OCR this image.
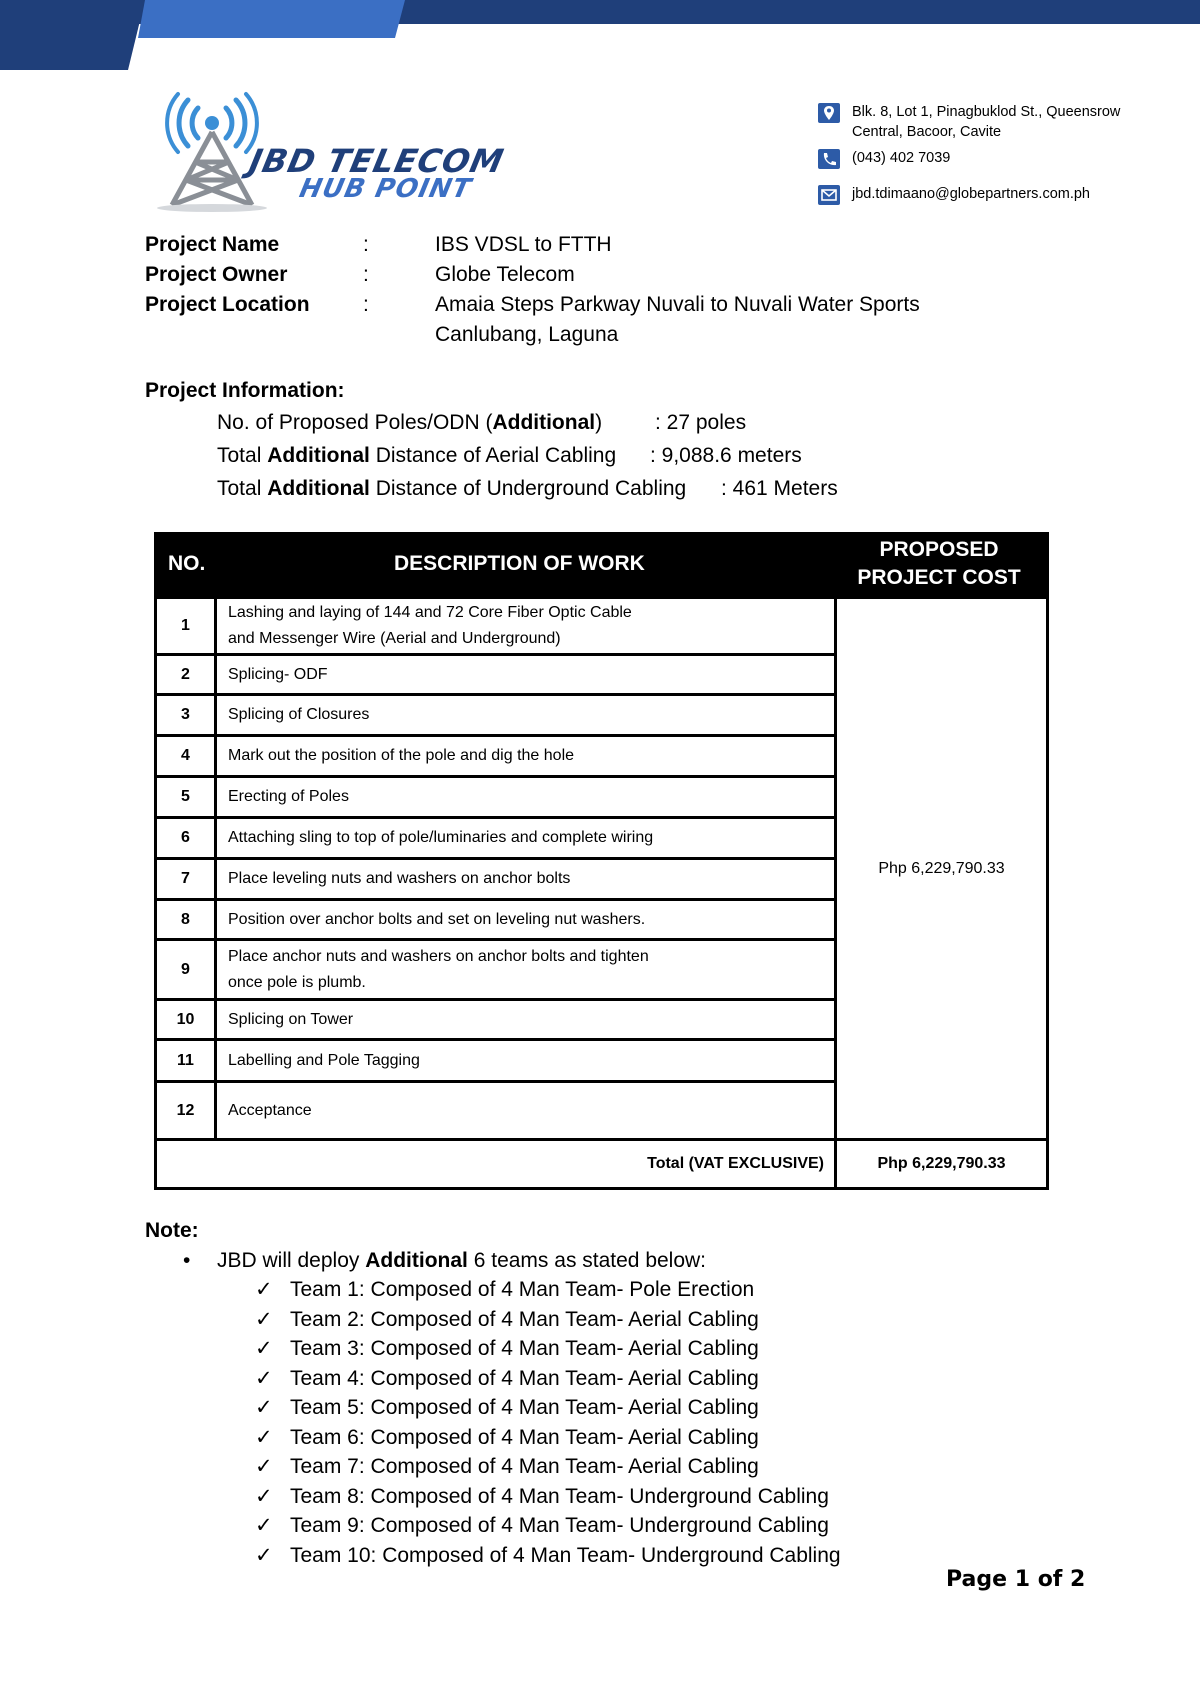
JBD TELECOM
HUB POINT
Blk. 8, Lot 1, Pinagbuklod St., Queensrow Central, Bacoor, Cavite
(043) 402 7039
jbd.tdimaano@globepartners.com.ph
Project Name	:	IBS VDSL to FTTH
Project Owner	:	Globe Telecom
Project Location	:	Amaia Steps Parkway Nuvali to Nuvali Water Sports
Canlubang, Laguna
Project Information:
No. of Proposed Poles/ODN (Additional)	: 27 poles
Total Additional Distance of Aerial Cabling : 9,088.6 meters
Total Additional Distance of Underground Cabling : 461 Meters
NO.	DESCRIPTION OF WORK
PROPOSED
PROJECT COST
1
Lashing and laying of 144 and 72 Core Fiber Optic Cable
and Messenger Wire (Aerial and Underground)
2 Splicing- ODF
3 Splicing of Closures
4 Mark out the position of the pole and dig the hole
5 Erecting of Poles
6 Attaching sling to top of pole/luminaries and complete wiring
7 Place leveling nuts and washers on anchor bolts
8 Position over anchor bolts and set on leveling nut washers.
9
Place anchor nuts and washers on anchor bolts and tighten
once pole is plumb.
10 Splicing on Tower
11 Labelling and Pole Tagging
12 Acceptance
Php 6,229,790.33
Total (VAT EXCLUSIVE)	Php 6,229,790.33
Note:
• JBD will deploy Additional 6 teams as stated below:
✓ Team 1: Composed of 4 Man Team- Pole Erection
✓ Team 2: Composed of 4 Man Team- Aerial Cabling
✓ Team 3: Composed of 4 Man Team- Aerial Cabling
✓ Team 4: Composed of 4 Man Team- Aerial Cabling
✓ Team 5: Composed of 4 Man Team- Aerial Cabling
✓ Team 6: Composed of 4 Man Team- Aerial Cabling
✓ Team 7: Composed of 4 Man Team- Aerial Cabling
✓ Team 8: Composed of 4 Man Team- Underground Cabling
✓ Team 9: Composed of 4 Man Team- Underground Cabling
✓ Team 10: Composed of 4 Man Team- Underground Cabling
Page 1 of 2
